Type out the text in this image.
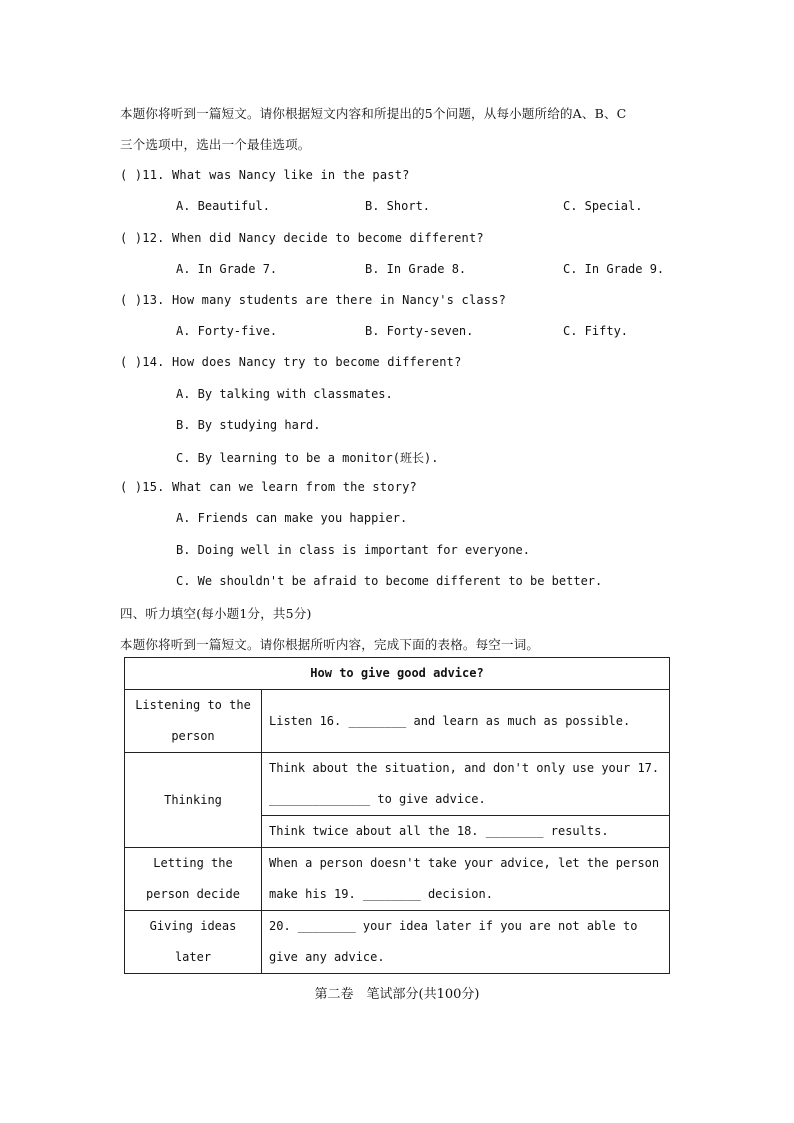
本题你将听到一篇短文。请你根据短文内容和所提出的5个问题，从每小题所给的A、B、C
三个选项中，选出一个最佳选项。
( )11. What was Nancy like in the past?
A. Beautiful.	B. Short.	C. Special.
( )12. When did Nancy decide to become different?
A. In Grade 7.	B. In Grade 8.	C. In Grade 9.
( )13. How many students are there in Nancy's class?
A. Forty-five.	B. Forty-seven.	C. Fifty.
( )14. How does Nancy try to become different?
A. By talking with classmates.
B. By studying hard.
C. By learning to be a monitor(班长).
( )15. What can we learn from the story?
A. Friends can make you happier.
B. Doing well in class is important for everyone.
C. We shouldn't be afraid to become different to be better.
四、听力填空(每小题1分，共5分)
本题你将听到一篇短文。请你根据所听内容，完成下面的表格。每空一词。
How to give good advice?	
Listening to the person	Listen 16. ________ and learn as much as possible.
Thinking	Think about the situation, and don't only use your 17. ______________ to give advice.
	Think twice about all the 18. ________ results.
Letting the person decide	When a person doesn't take your advice, let the person make his 19. ________ decision.
Giving ideas later	20. ________ your idea later if you are not able to give any advice.
第二卷　笔试部分(共100分)
